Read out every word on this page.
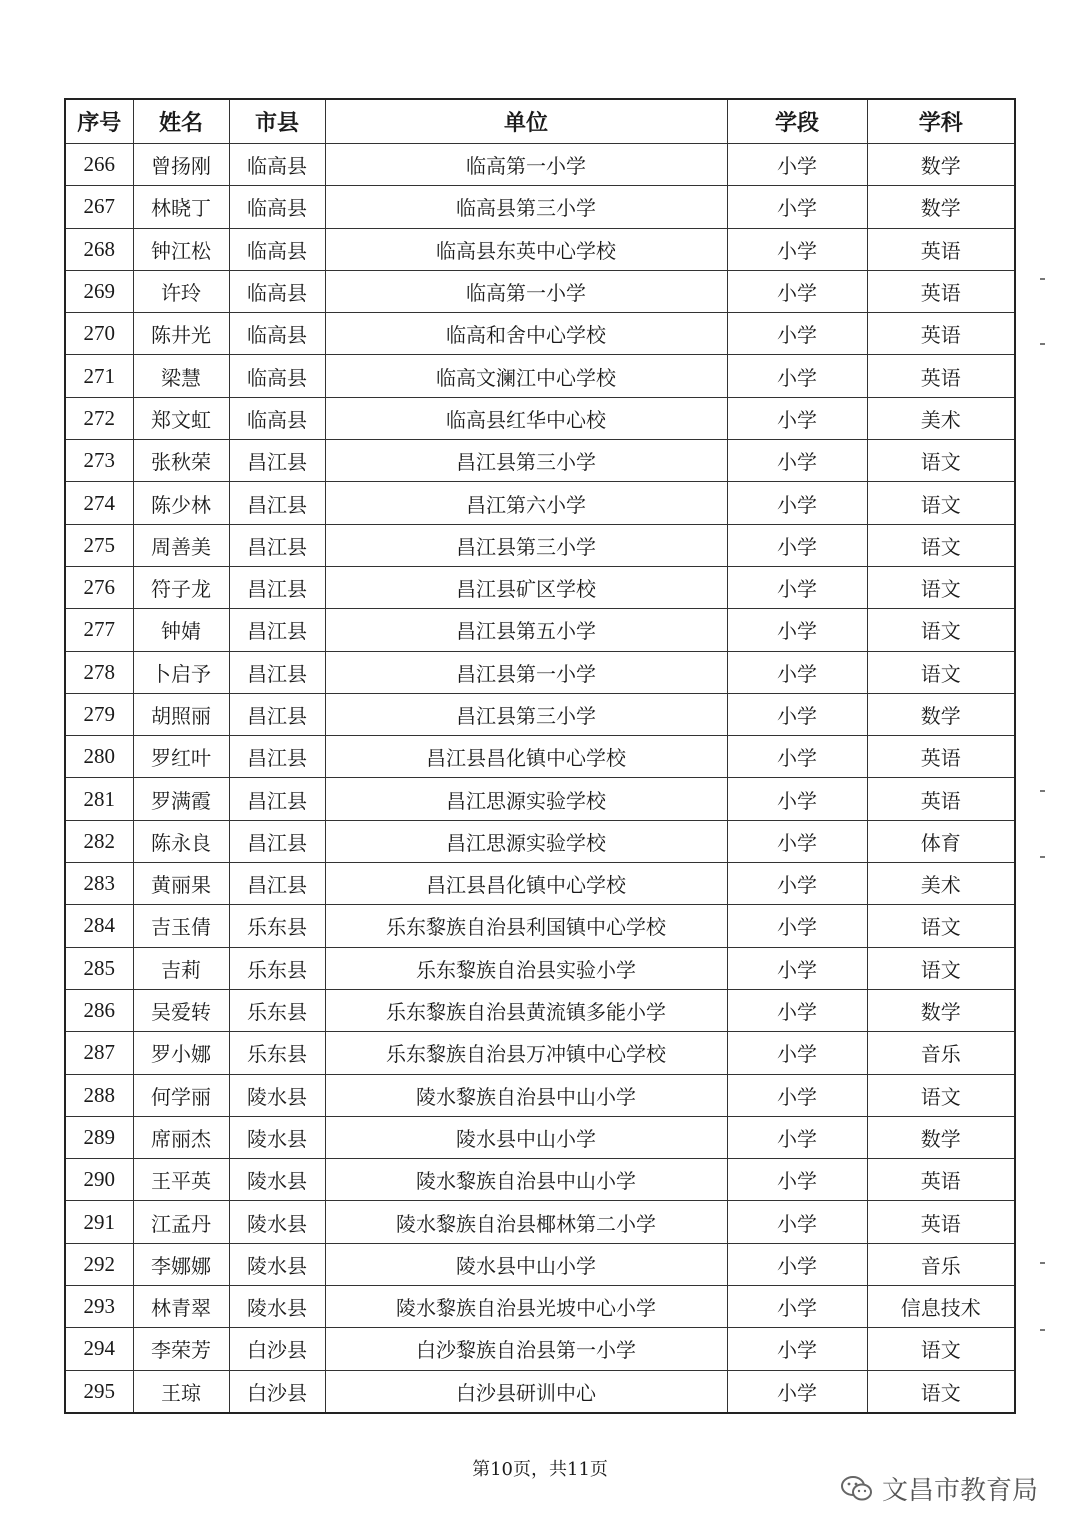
序号	姓名	市县	单位	学段	学科
266	曾扬刚	临高县	临高第一小学	小学	数学
267	林晓丁	临高县	临高县第三小学	小学	数学
268	钟江松	临高县	临高县东英中心学校	小学	英语
269	许玲	临高县	临高第一小学	小学	英语
270	陈井光	临高县	临高和舍中心学校	小学	英语
271	梁慧	临高县	临高文澜江中心学校	小学	英语
272	郑文虹	临高县	临高县红华中心校	小学	美术
273	张秋荣	昌江县	昌江县第三小学	小学	语文
274	陈少林	昌江县	昌江第六小学	小学	语文
275	周善美	昌江县	昌江县第三小学	小学	语文
276	符子龙	昌江县	昌江县矿区学校	小学	语文
277	钟婧	昌江县	昌江县第五小学	小学	语文
278	卜启予	昌江县	昌江县第一小学	小学	语文
279	胡照丽	昌江县	昌江县第三小学	小学	数学
280	罗红叶	昌江县	昌江县昌化镇中心学校	小学	英语
281	罗满霞	昌江县	昌江思源实验学校	小学	英语
282	陈永良	昌江县	昌江思源实验学校	小学	体育
283	黄丽果	昌江县	昌江县昌化镇中心学校	小学	美术
284	吉玉倩	乐东县	乐东黎族自治县利国镇中心学校	小学	语文
285	吉莉	乐东县	乐东黎族自治县实验小学	小学	语文
286	吴爱转	乐东县	乐东黎族自治县黄流镇多能小学	小学	数学
287	罗小娜	乐东县	乐东黎族自治县万冲镇中心学校	小学	音乐
288	何学丽	陵水县	陵水黎族自治县中山小学	小学	语文
289	席丽杰	陵水县	陵水县中山小学	小学	数学
290	王平英	陵水县	陵水黎族自治县中山小学	小学	英语
291	江孟丹	陵水县	陵水黎族自治县椰林第二小学	小学	英语
292	李娜娜	陵水县	陵水县中山小学	小学	音乐
293	林青翠	陵水县	陵水黎族自治县光坡中心小学	小学	信息技术
294	李荣芳	白沙县	白沙黎族自治县第一小学	小学	语文
295	王琼	白沙县	白沙县研训中心	小学	语文
第10页，共11页
文昌市教育局
